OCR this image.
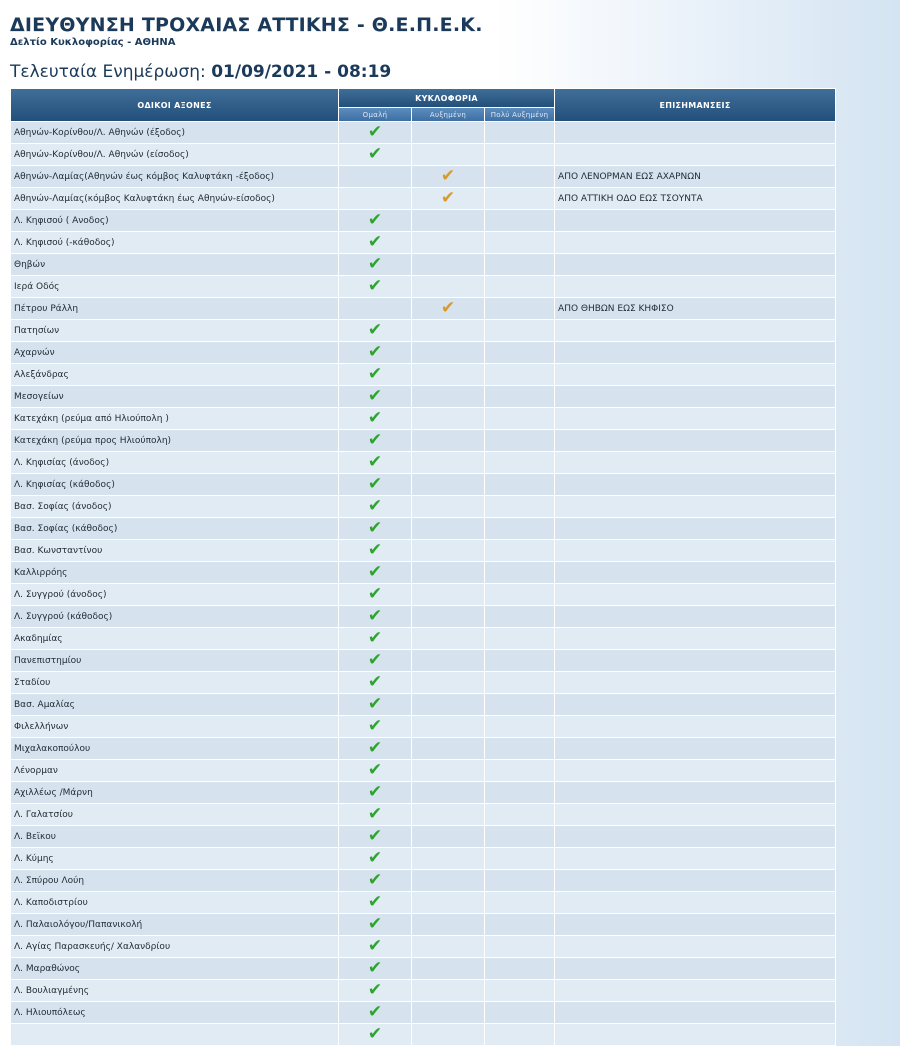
ΔΙΕΥΘΥΝΣΗ ΤΡΟΧΑΙΑΣ ΑΤΤΙΚΗΣ - Θ.Ε.Π.Ε.Κ.
Δελτίο Κυκλοφορίας - ΑΘΗΝΑ
Τελευταία Ενημέρωση: 01/09/2021 - 08:19
ΟΔΙΚΟΙ ΑΞΟΝΕΣ	ΚΥΚΛΟΦΟΡΙΑ			ΕΠΙΣΗΜΑΝΣΕΙΣ
	Ομαλή	Αυξημένη	Πολύ Αυξημένη	
Αθηνών-Κορίνθου/Λ. Αθηνών (έξοδος)	✔			
Αθηνών-Κορίνθου/Λ. Αθηνών (είσοδος)	✔			
Αθηνών-Λαμίας(Αθηνών έως κόμβος Καλυφτάκη -έξοδος)		✔		ΑΠΟ ΛΕΝΟΡΜΑΝ ΕΩΣ ΑΧΑΡΝΩΝ
Αθηνών-Λαμίας(κόμβος Καλυφτάκη έως Αθηνών-είσοδος)		✔		ΑΠΟ ΑΤΤΙΚΗ ΟΔΟ ΕΩΣ ΤΣΟΥΝΤΑ
Λ. Κηφισού ( Ανοδος)	✔			
Λ. Κηφισού (-κάθοδος)	✔			
Θηβών	✔			
Ιερά Οδός	✔			
Πέτρου Ράλλη		✔		ΑΠΟ ΘΗΒΩΝ ΕΩΣ ΚΗΦΙΣΟ
Πατησίων	✔			
Αχαρνών	✔			
Αλεξάνδρας	✔			
Μεσογείων	✔			
Κατεχάκη (ρεύμα από Ηλιούπολη )	✔			
Κατεχάκη (ρεύμα προς Ηλιούπολη)	✔			
Λ. Κηφισίας (άνοδος)	✔			
Λ. Κηφισίας (κάθοδος)	✔			
Βασ. Σοφίας (άνοδος)	✔			
Βασ. Σοφίας (κάθοδος)	✔			
Βασ. Κωνσταντίνου	✔			
Καλλιρρόης	✔			
Λ. Συγγρού (άνοδος)	✔			
Λ. Συγγρού (κάθοδος)	✔			
Ακαδημίας	✔			
Πανεπιστημίου	✔			
Σταδίου	✔			
Βασ. Αμαλίας	✔			
Φιλελλήνων	✔			
Μιχαλακοπούλου	✔			
Λένορμαν	✔			
Αχιλλέως /Μάρνη	✔			
Λ. Γαλατσίου	✔			
Λ. Βεϊκου	✔			
Λ. Κύμης	✔			
Λ. Σπύρου Λούη	✔			
Λ. Καποδιστρίου	✔			
Λ. Παλαιολόγου/Παπανικολή	✔			
Λ. Αγίας Παρασκευής/ Χαλανδρίου	✔			
Λ. Μαραθώνος	✔			
Λ. Βουλιαγμένης	✔			
Λ. Ηλιουπόλεως	✔			
	✔			
